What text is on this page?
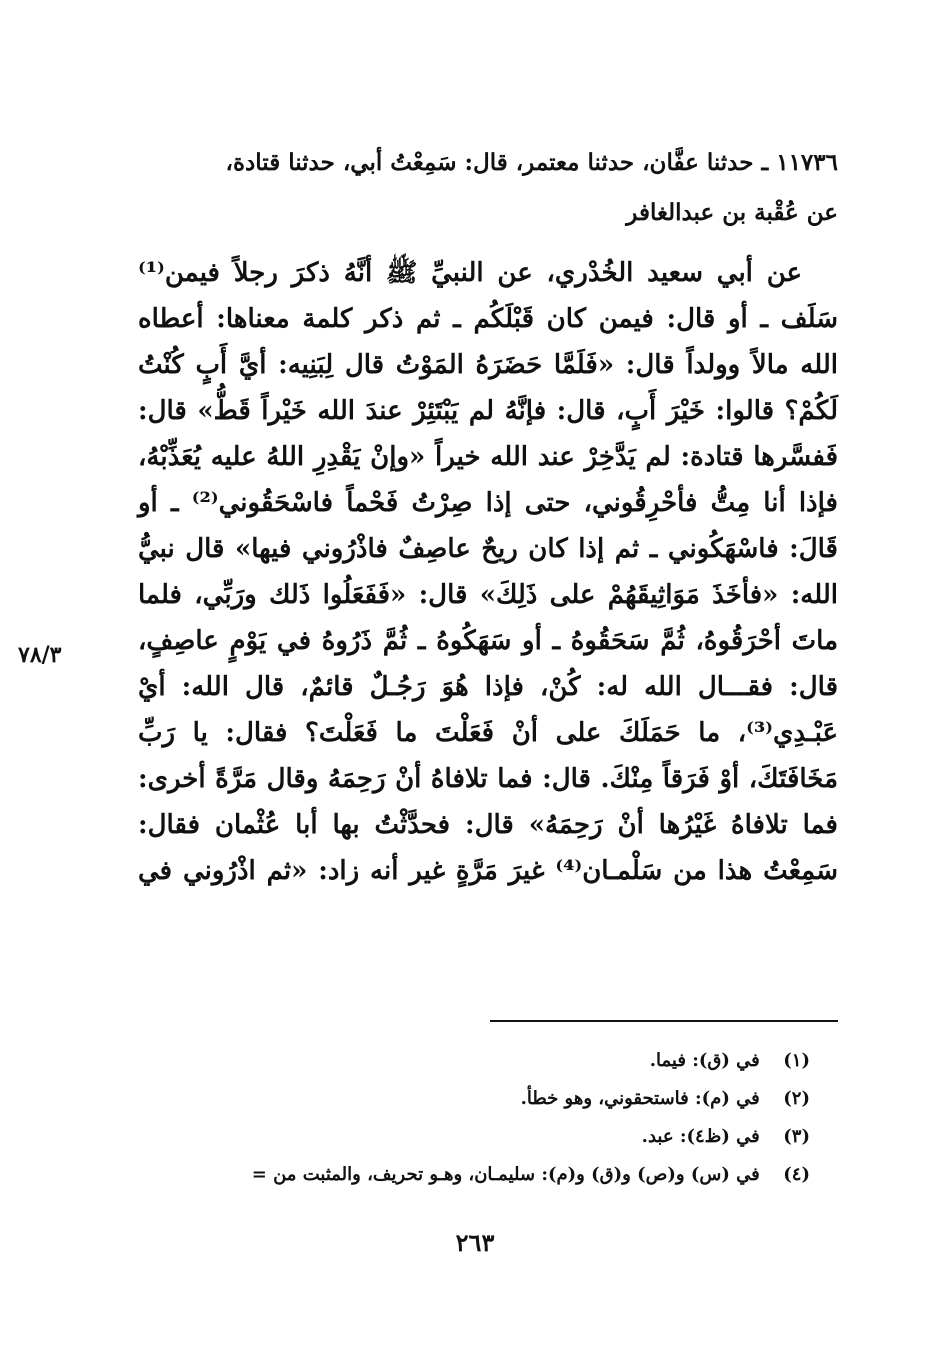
١١٧٣٦ ـ حدثنا عفَّان، حدثنا معتمر، قال: سَمِعْتُ أبي، حدثنا قتادة،
عن عُقْبة بن عبدالغافر
عن أبي سعيد الخُدْري، عن النبيِّ ﷺ أنَّهُ ذكرَ رجلاً فيمن⁽¹⁾
سَلَف ـ أو قال: فيمن كان قَبْلَكُم ـ ثم ذكر كلمة معناها: أعطاه
الله مالاً وولداً قال: «فَلَمَّا حَضَرَهُ المَوْتُ قال لِبَنِيه: أيَّ أَبٍ كُنْتُ
لَكُمْ؟ قالوا: خَيْرَ أَبٍ، قال: فإنَّهُ لم يَبْتَئِرْ عندَ الله خَيْراً قَطُّ» قال:
فَفسَّرها قتادة: لم يَدَّخِرْ عند الله خيراً «وإنْ يَقْدِرِ اللهُ عليه يُعَذِّبْهُ،
فإذا أنا مِتُّ فأحْرِقُوني، حتى إذا صِرْتُ فَحْماً فاسْحَقُوني⁽²⁾ ـ أو
قَالَ: فاسْهَكُوني ـ ثم إذا كان ريحٌ عاصِفٌ فاذْرُوني فيها» قال نبيُّ
الله: «فأخَذَ مَوَاثِيقَهُمْ على ذَلِكَ» قال: «فَفَعَلُوا ذَلك ورَبِّي، فلما
ماتَ أحْرَقُوهُ، ثُمَّ سَحَقُوهُ ـ أو سَهَكُوهُ ـ ثُمَّ ذَرُوهُ في يَوْمٍ عاصِفٍ،
قال: فقـــال الله له: كُنْ، فإذا هُوَ رَجُـلٌ قائمٌ، قال الله: أيْ
عَبْـدِي⁽³⁾، ما حَمَلَكَ على أنْ فَعَلْتَ ما فَعَلْتَ؟ فقال: يا رَبِّ
مَخَافَتَكَ، أوْ فَرَقاً مِنْكَ. قال: فما تلافاهُ أنْ رَحِمَهُ وقال مَرَّةً أخرى:
فما تلافاهُ غَيْرُها أنْ رَحِمَهُ» قال: فحدَّثْتُ بها أبا عُثْمان فقال:
سَمِعْتُ هذا من سَلْمـان⁽⁴⁾ غيرَ مَرَّةٍ غير أنه زاد: «ثم اذْرُوني في
٧٨/٣
(١) في (ق): فيما.
(٢) في (م): فاستحقوني، وهو خطأ.
(٣) في (ظ٤): عبد.
(٤) في (س) و(ص) و(ق) و(م): سليمـان، وهـو تحريف، والمثبت من =
٢٦٣
